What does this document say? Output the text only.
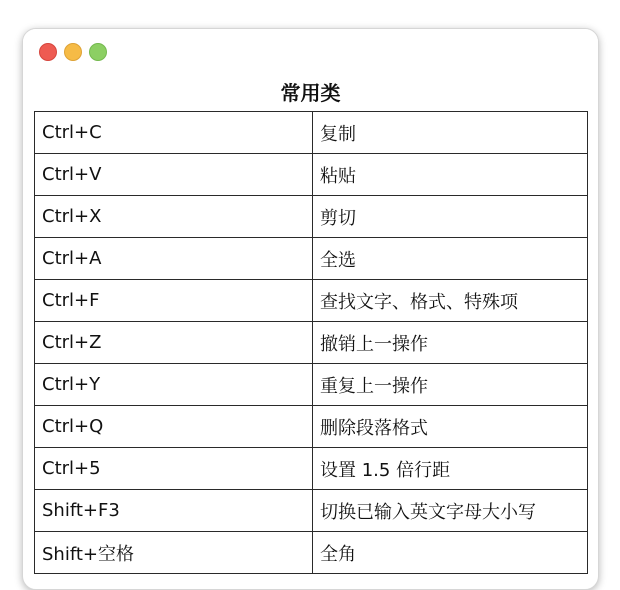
常用类
Ctrl+C	复制
Ctrl+V	粘贴
Ctrl+X	剪切
Ctrl+A	全选
Ctrl+F	查找文字、格式、特殊项
Ctrl+Z	撤销上一操作
Ctrl+Y	重复上一操作
Ctrl+Q	删除段落格式
Ctrl+5	设置 1.5 倍行距
Shift+F3	切换已输入英文字母大小写
Shift+空格	全角
